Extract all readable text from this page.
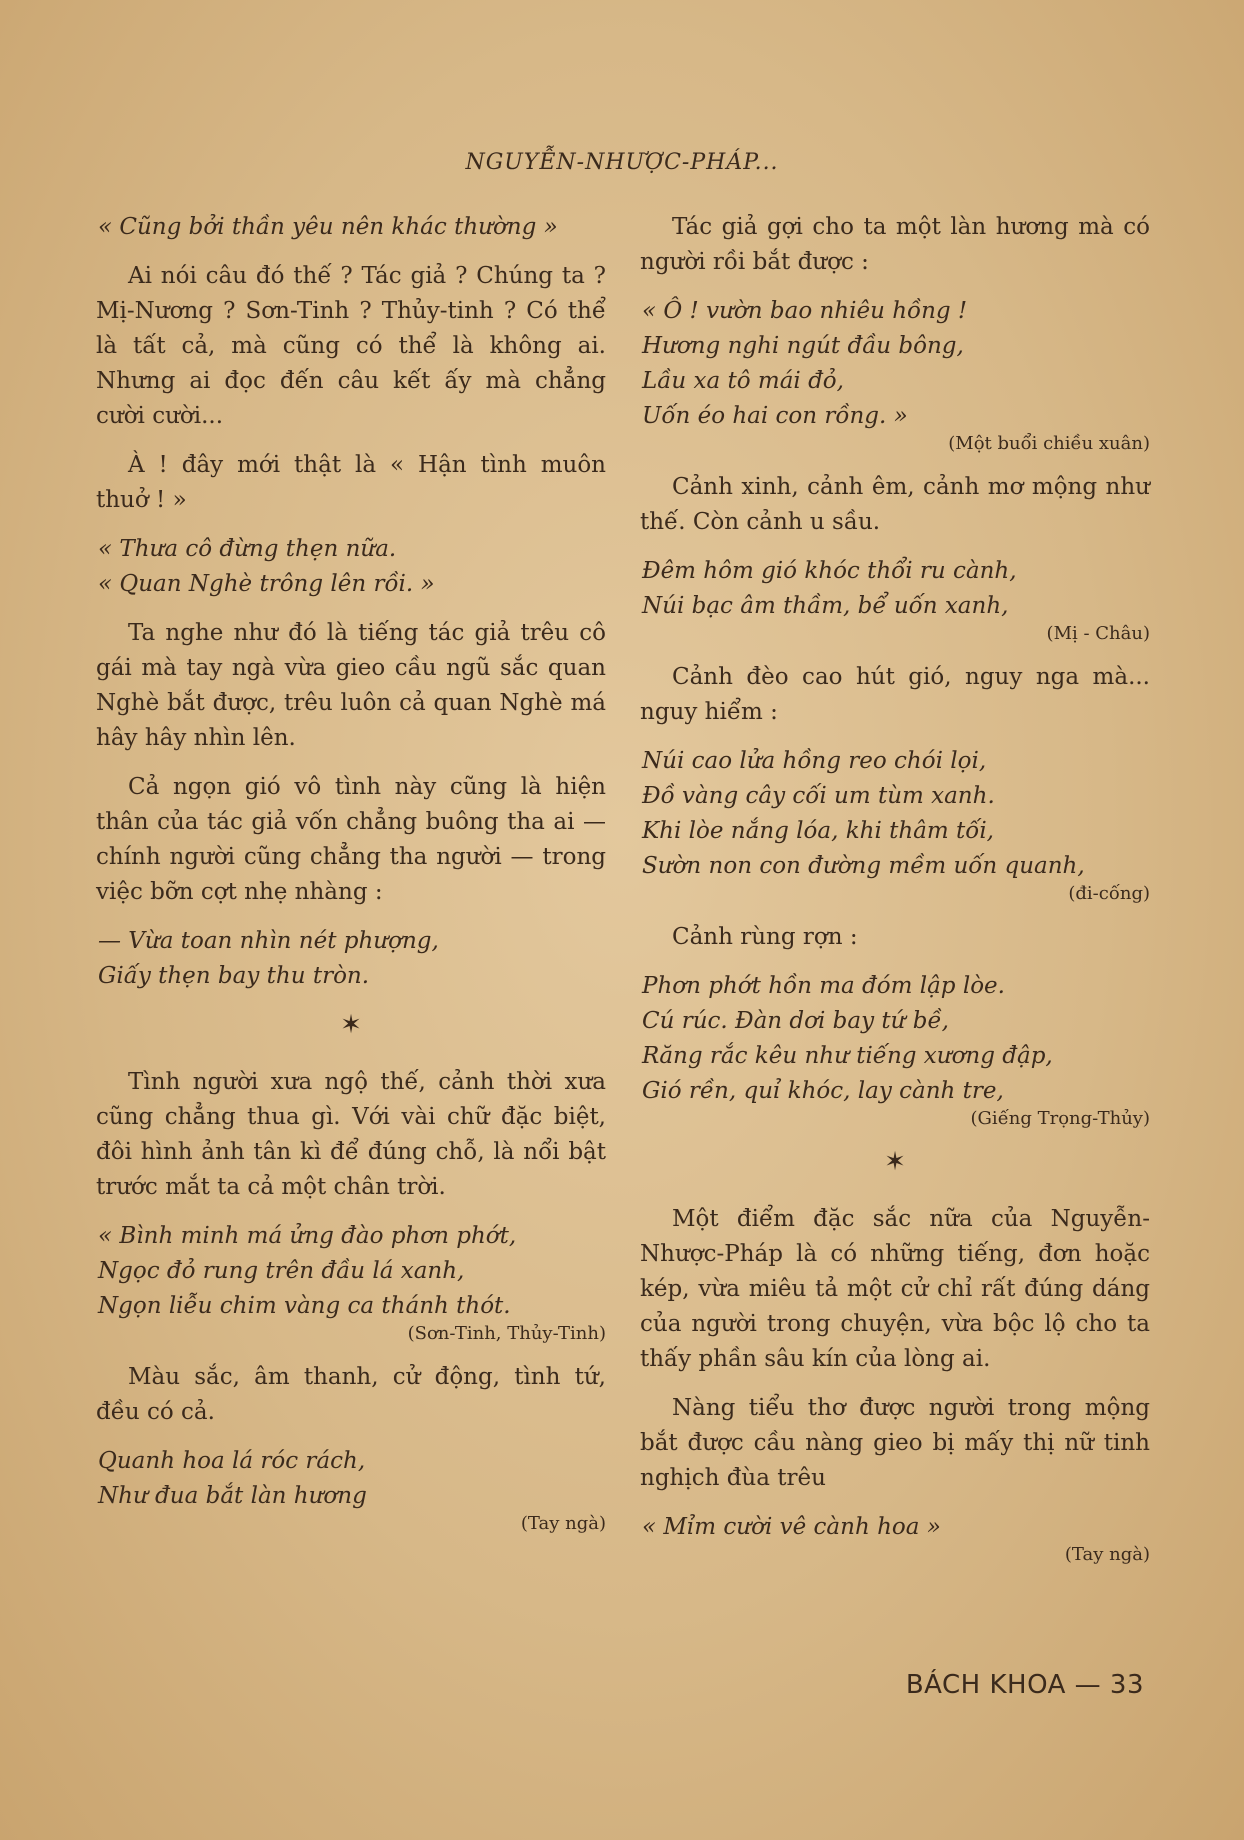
NGUYỄN-NHƯỢC-PHÁP...
« Cũng bởi thần yêu nên khác thường »

Ai nói câu đó thế ? Tác giả ? Chúng ta ? Mị-Nương ? Sơn-Tinh ? Thủy-tinh ? Có thể là tất cả, mà cũng có thể là không ai. Nhưng ai đọc đến câu kết ấy mà chẳng cười cười...

À ! đây mới thật là « Hận tình muôn thuở ! »

« Thưa cô đừng thẹn nữa.
« Quan Nghè trông lên rồi. »

Ta nghe như đó là tiếng tác giả trêu cô gái mà tay ngà vừa gieo cầu ngũ sắc quan Nghè bắt được, trêu luôn cả quan Nghè má hây hây nhìn lên.

Cả ngọn gió vô tình này cũng là hiện thân của tác giả vốn chẳng buông tha ai — chính người cũng chẳng tha người — trong việc bỡn cợt nhẹ nhàng :

— Vừa toan nhìn nét phượng,
Giấy thẹn bay thu tròn.
✶

Tình người xưa ngộ thế, cảnh thời xưa cũng chẳng thua gì. Với vài chữ đặc biệt, đôi hình ảnh tân kì để đúng chỗ, là nổi bật trước mắt ta cả một chân trời.

« Bình minh má ửng đào phơn phớt,
Ngọc đỏ rung trên đầu lá xanh,
Ngọn liễu chim vàng ca thánh thót.
(Sơn-Tinh, Thủy-Tinh)

Màu sắc, âm thanh, cử động, tình tứ, đều có cả.

Quanh hoa lá róc rách,
Như đua bắt làn hương
(Tay ngà)

Tác giả gợi cho ta một làn hương mà có người rồi bắt được :

« Ô ! vườn bao nhiêu hồng !
Hương nghi ngút đầu bông,
Lầu xa tô mái đỏ,
Uốn éo hai con rồng. »
(Một buổi chiều xuân)

Cảnh xinh, cảnh êm, cảnh mơ mộng như thế. Còn cảnh u sầu.

Đêm hôm gió khóc thổi ru cành,
Núi bạc âm thầm, bể uốn xanh,
(Mị - Châu)

Cảnh đèo cao hút gió, nguy nga mà... nguy hiểm :

Núi cao lửa hồng reo chói lọi,
Đồ vàng cây cối um tùm xanh.
Khi lòe nắng lóa, khi thâm tối,
Sườn non con đường mềm uốn quanh,
(đi-cống)

Cảnh rùng rợn :

Phơn phớt hồn ma đóm lập lòe.
Cú rúc. Đàn dơi bay tứ bề,
Răng rắc kêu như tiếng xương đập,
Gió rền, quỉ khóc, lay cành tre,
(Giếng Trọng-Thủy)
✶

Một điểm đặc sắc nữa của Nguyễn-Nhược-Pháp là có những tiếng, đơn hoặc kép, vừa miêu tả một cử chỉ rất đúng dáng của người trong chuyện, vừa bộc lộ cho ta thấy phần sâu kín của lòng ai.

Nàng tiểu thơ được người trong mộng bắt được cầu nàng gieo bị mấy thị nữ tinh nghịch đùa trêu

« Mỉm cười vê cành hoa »
(Tay ngà)
BÁCH KHOA — 33
